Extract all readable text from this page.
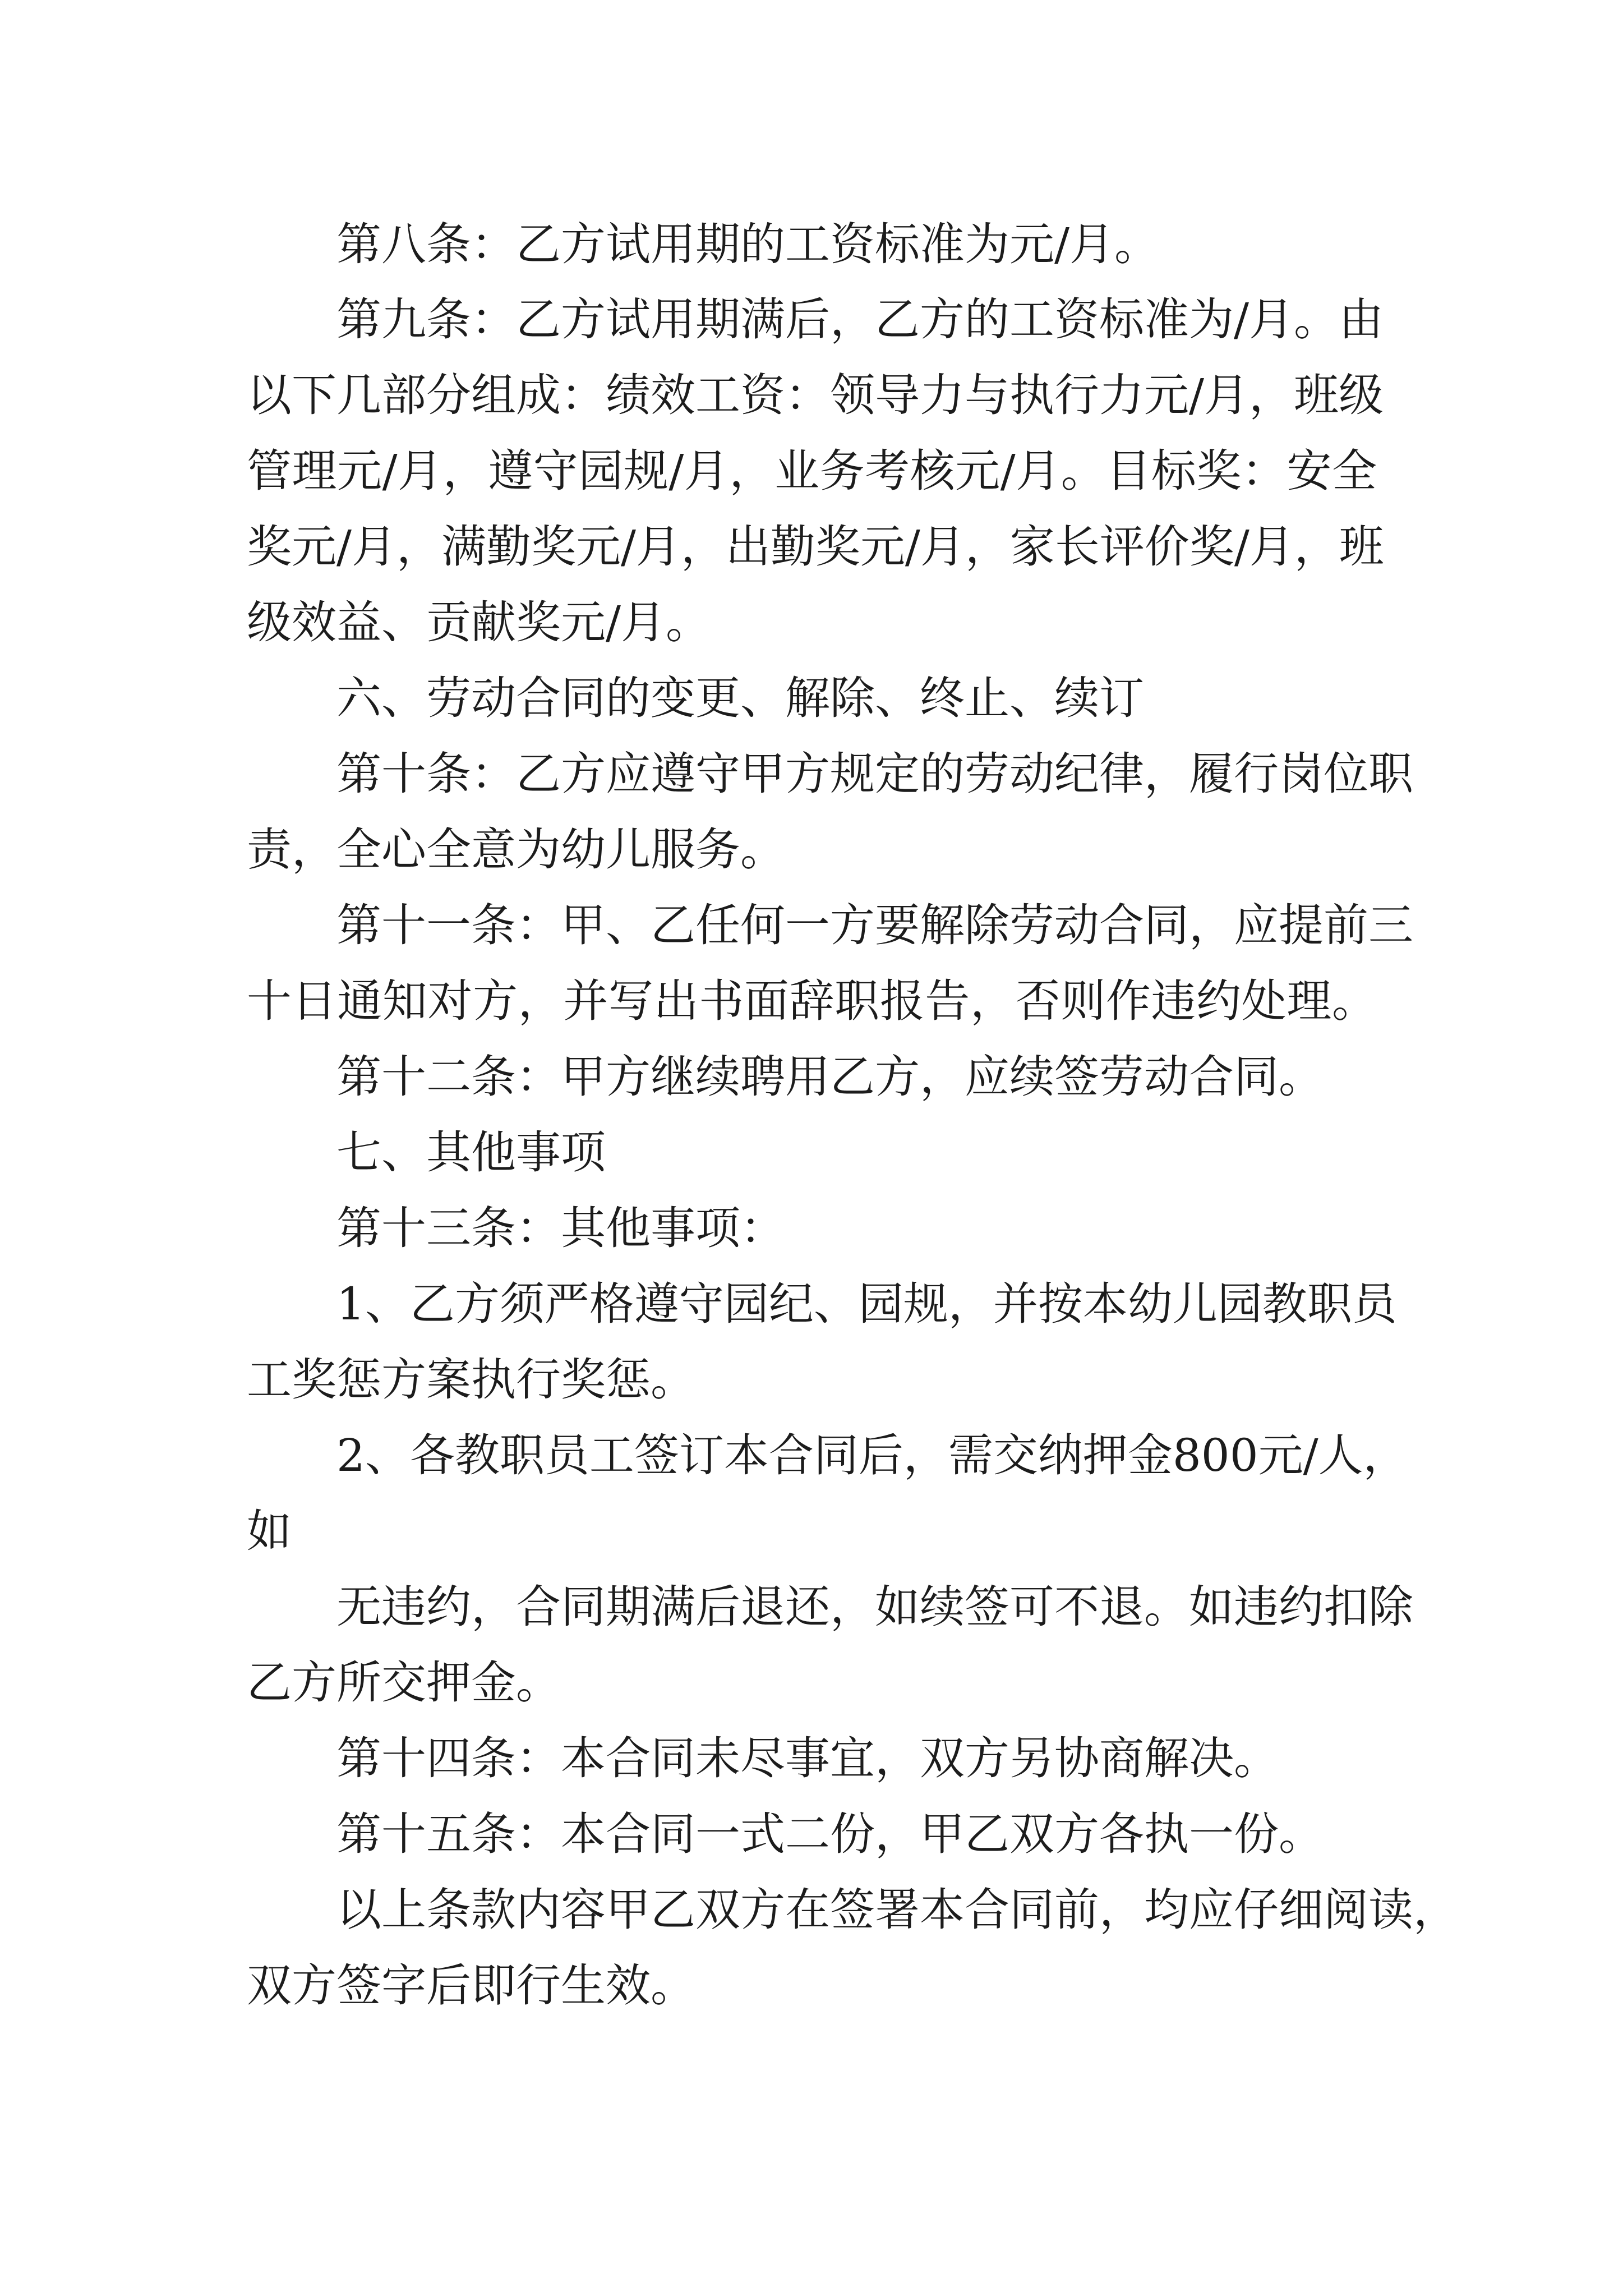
第八条：乙方试用期的工资标准为元/月。

第九条：乙方试用期满后，乙方的工资标准为/月。由

以下几部分组成：绩效工资：领导力与执行力元/月，班级

管理元/月，遵守园规/月，业务考核元/月。目标奖：安全

奖元/月，满勤奖元/月，出勤奖元/月，家长评价奖/月，班

级效益、贡献奖元/月。

六、劳动合同的变更、解除、终止、续订

第十条：乙方应遵守甲方规定的劳动纪律，履行岗位职

责，全心全意为幼儿服务。

第十一条：甲、乙任何一方要解除劳动合同，应提前三

十日通知对方，并写出书面辞职报告，否则作违约处理。

第十二条：甲方继续聘用乙方，应续签劳动合同。

七、其他事项

第十三条：其他事项：

1、乙方须严格遵守园纪、园规，并按本幼儿园教职员

工奖惩方案执行奖惩。

2、各教职员工签订本合同后，需交纳押金800元/人，

如

无违约，合同期满后退还，如续签可不退。如违约扣除

乙方所交押金。

第十四条：本合同未尽事宜，双方另协商解决。

第十五条：本合同一式二份，甲乙双方各执一份。

以上条款内容甲乙双方在签署本合同前，均应仔细阅读，

双方签字后即行生效。
